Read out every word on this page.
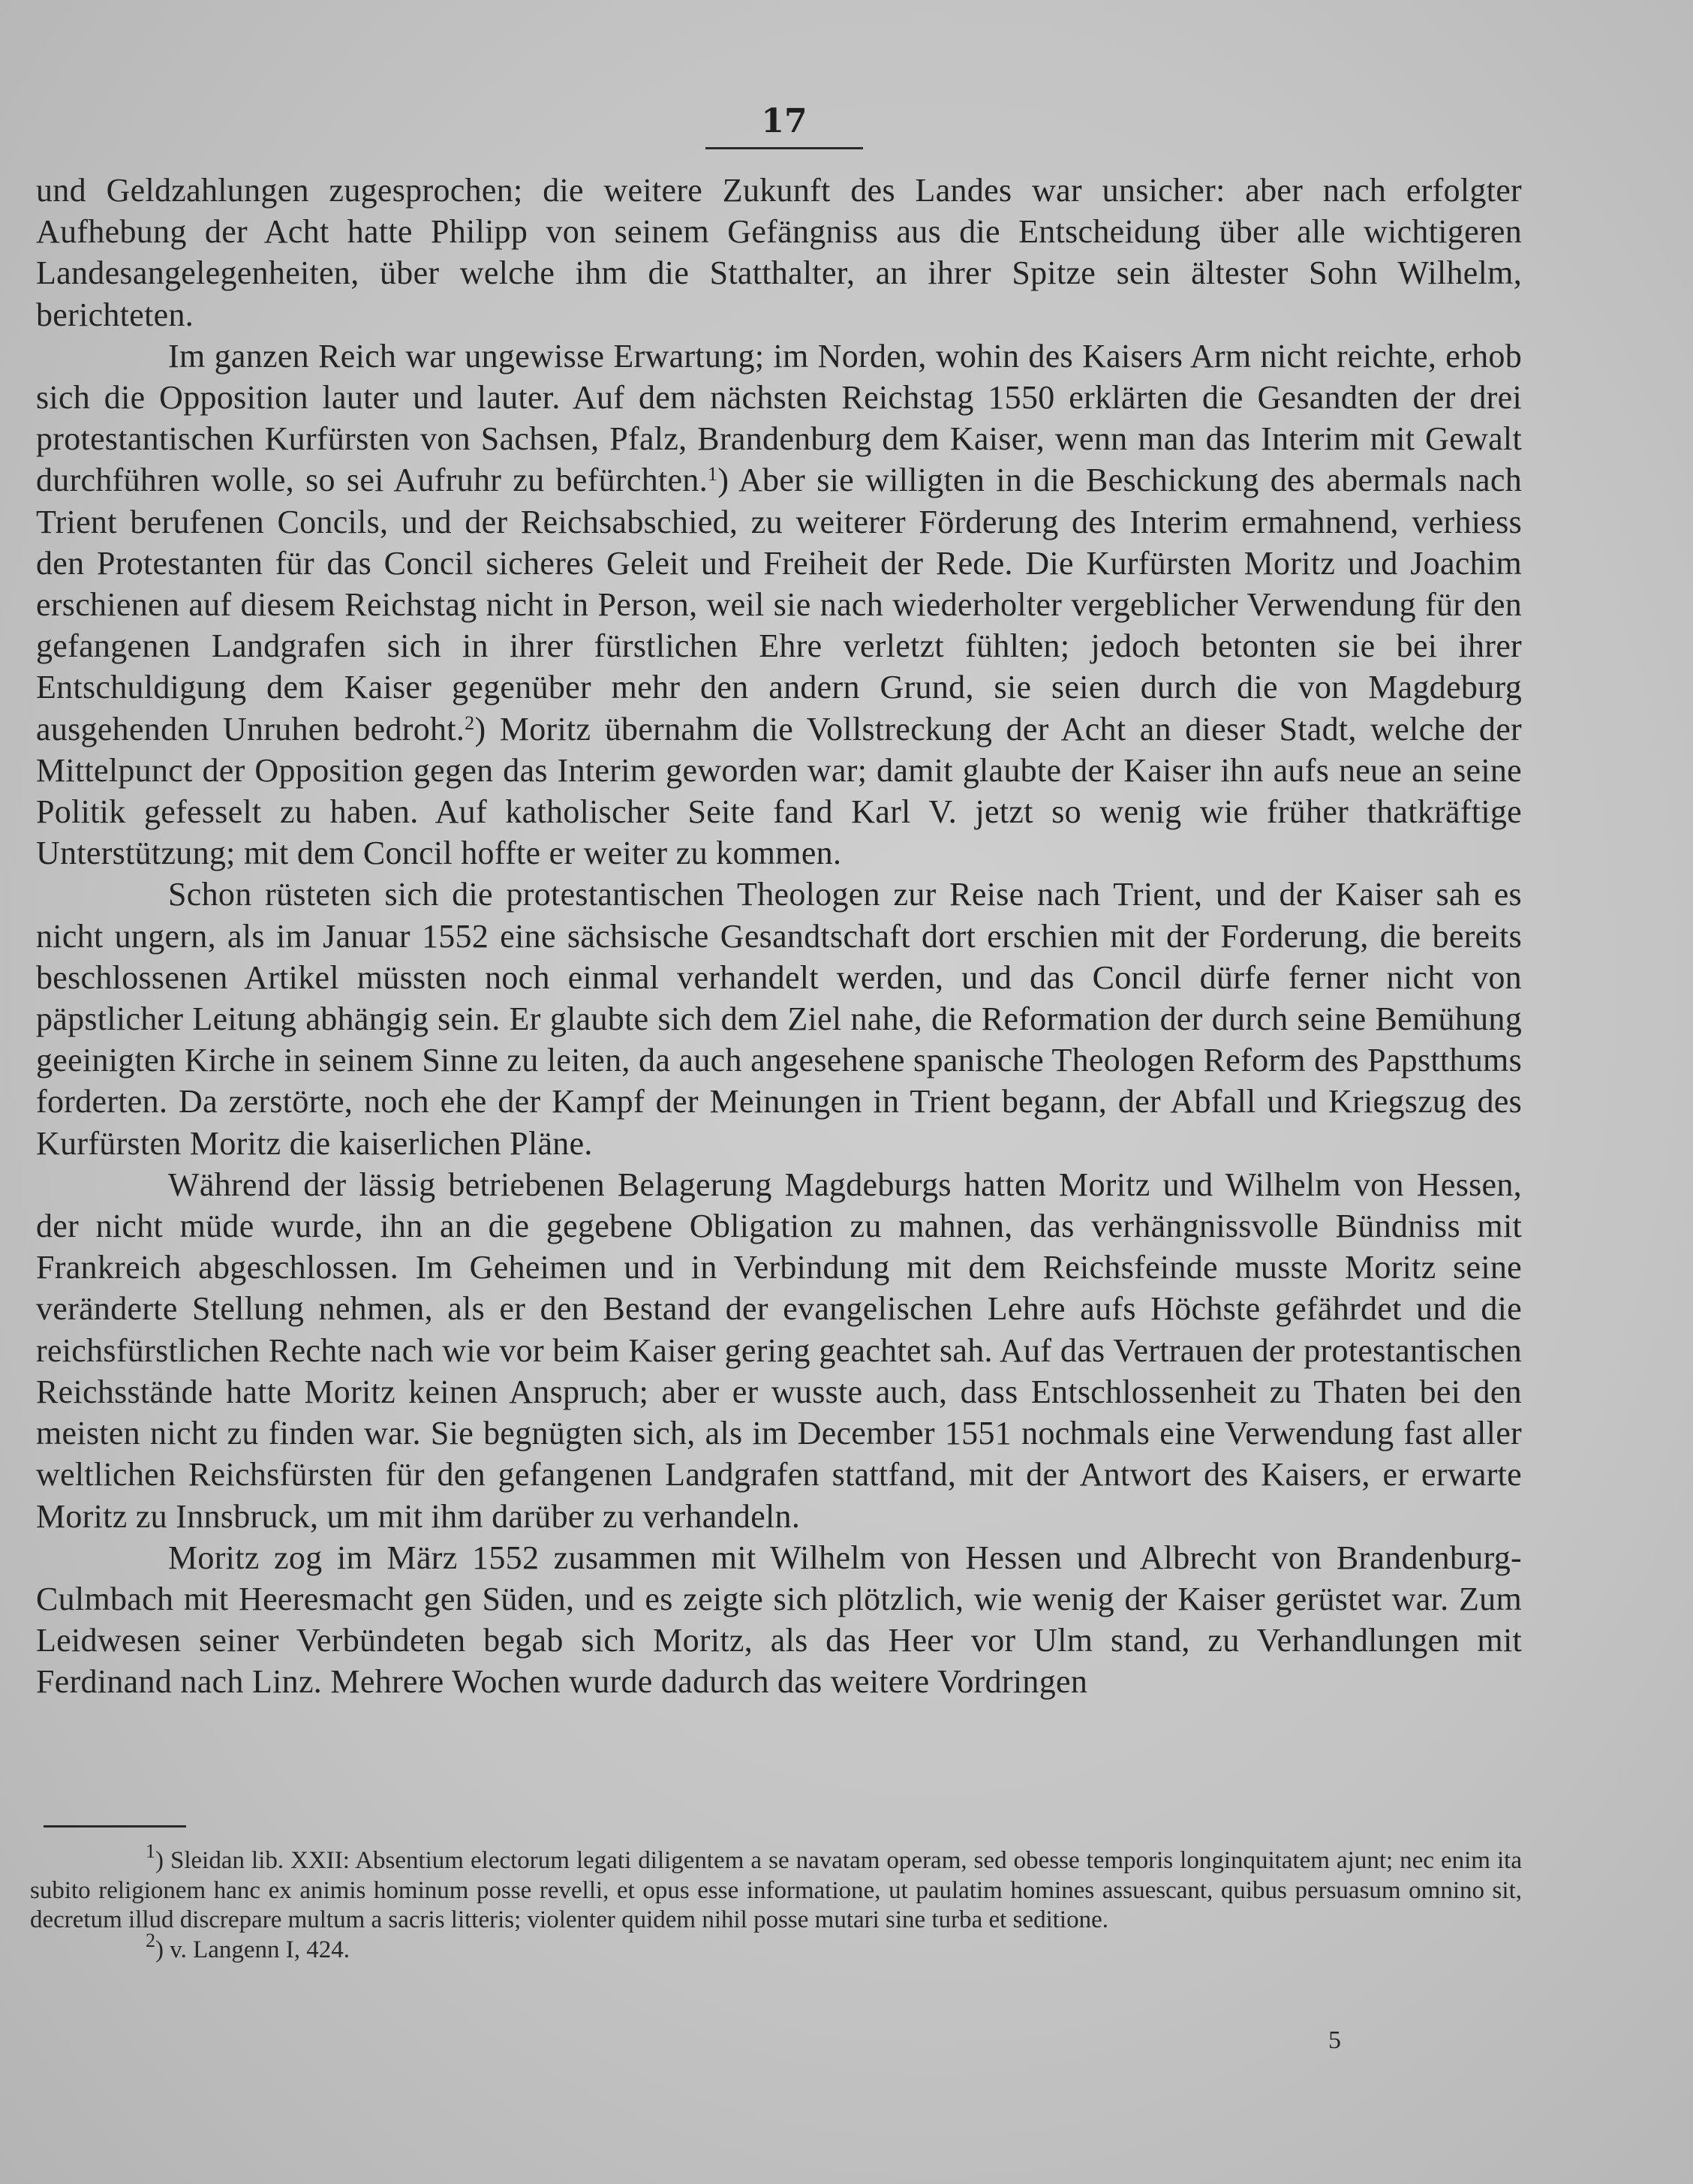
17

und Geldzahlungen zugesprochen; die weitere Zukunft des Landes war unsicher: aber nach erfolgter Aufhebung der Acht hatte Philipp von seinem Gefängniss aus die Entscheidung über alle wichtigeren Landesangelegenheiten, über welche ihm die Statthalter, an ihrer Spitze sein ältester Sohn Wilhelm, berichteten.

Im ganzen Reich war ungewisse Erwartung; im Norden, wohin des Kaisers Arm nicht reichte, erhob sich die Opposition lauter und lauter. Auf dem nächsten Reichstag 1550 erklärten die Gesandten der drei protestantischen Kurfürsten von Sachsen, Pfalz, Brandenburg dem Kaiser, wenn man das Interim mit Gewalt durchführen wolle, so sei Aufruhr zu befürchten.$^1$) Aber sie willigten in die Beschickung des abermals nach Trient berufenen Concils, und der Reichsabschied, zu weiterer Förderung des Interim ermahnend, verhiess den Protestanten für das Concil sicheres Geleit und Freiheit der Rede. Die Kurfürsten Moritz und Joachim erschienen auf diesem Reichstag nicht in Person, weil sie nach wiederholter vergeblicher Verwendung für den gefangenen Landgrafen sich in ihrer fürstlichen Ehre verletzt fühlten; jedoch betonten sie bei ihrer Entschuldigung dem Kaiser gegenüber mehr den andern Grund, sie seien durch die von Magdeburg ausgehenden Unruhen bedroht.$^2$) Moritz übernahm die Vollstreckung der Acht an dieser Stadt, welche der Mittelpunct der Opposition gegen das Interim geworden war; damit glaubte der Kaiser ihn aufs neue an seine Politik gefesselt zu haben. Auf katholischer Seite fand Karl V. jetzt so wenig wie früher thatkräftige Unterstützung; mit dem Concil hoffte er weiter zu kommen.

Schon rüsteten sich die protestantischen Theologen zur Reise nach Trient, und der Kaiser sah es nicht ungern, als im Januar 1552 eine sächsische Gesandtschaft dort erschien mit der Forderung, die bereits beschlossenen Artikel müssten noch einmal verhandelt werden, und das Concil dürfe ferner nicht von päpstlicher Leitung abhängig sein. Er glaubte sich dem Ziel nahe, die Reformation der durch seine Bemühung geeinigten Kirche in seinem Sinne zu leiten, da auch angesehene spanische Theologen Reform des Papstthums forderten. Da zerstörte, noch ehe der Kampf der Meinungen in Trient begann, der Abfall und Kriegszug des Kurfürsten Moritz die kaiserlichen Pläne.

Während der lässig betriebenen Belagerung Magdeburgs hatten Moritz und Wilhelm von Hessen, der nicht müde wurde, ihn an die gegebene Obligation zu mahnen, das verhängnissvolle Bündniss mit Frankreich abgeschlossen. Im Geheimen und in Verbindung mit dem Reichsfeinde musste Moritz seine veränderte Stellung nehmen, als er den Bestand der evangelischen Lehre aufs Höchste gefährdet und die reichsfürstlichen Rechte nach wie vor beim Kaiser gering geachtet sah. Auf das Vertrauen der protestantischen Reichsstände hatte Moritz keinen Anspruch; aber er wusste auch, dass Entschlossenheit zu Thaten bei den meisten nicht zu finden war. Sie begnügten sich, als im December 1551 nochmals eine Verwendung fast aller weltlichen Reichsfürsten für den gefangenen Landgrafen stattfand, mit der Antwort des Kaisers, er erwarte Moritz zu Innsbruck, um mit ihm darüber zu verhandeln.

Moritz zog im März 1552 zusammen mit Wilhelm von Hessen und Albrecht von Brandenburg-Culmbach mit Heeresmacht gen Süden, und es zeigte sich plötzlich, wie wenig der Kaiser gerüstet war. Zum Leidwesen seiner Verbündeten begab sich Moritz, als das Heer vor Ulm stand, zu Verhandlungen mit Ferdinand nach Linz. Mehrere Wochen wurde dadurch das weitere Vordringen

$^1$) Sleidan lib. XXII: Absentium electorum legati diligentem a se navatam operam, sed obesse temporis longinquitatem ajunt; nec enim ita subito religionem hanc ex animis hominum posse revelli, et opus esse informatione, ut paulatim homines assuescant, quibus persuasum omnino sit, decretum illud discrepare multum a sacris litteris; violenter quidem nihil posse mutari sine turba et seditione.

$^2$) v. Langenn I, 424.

5
